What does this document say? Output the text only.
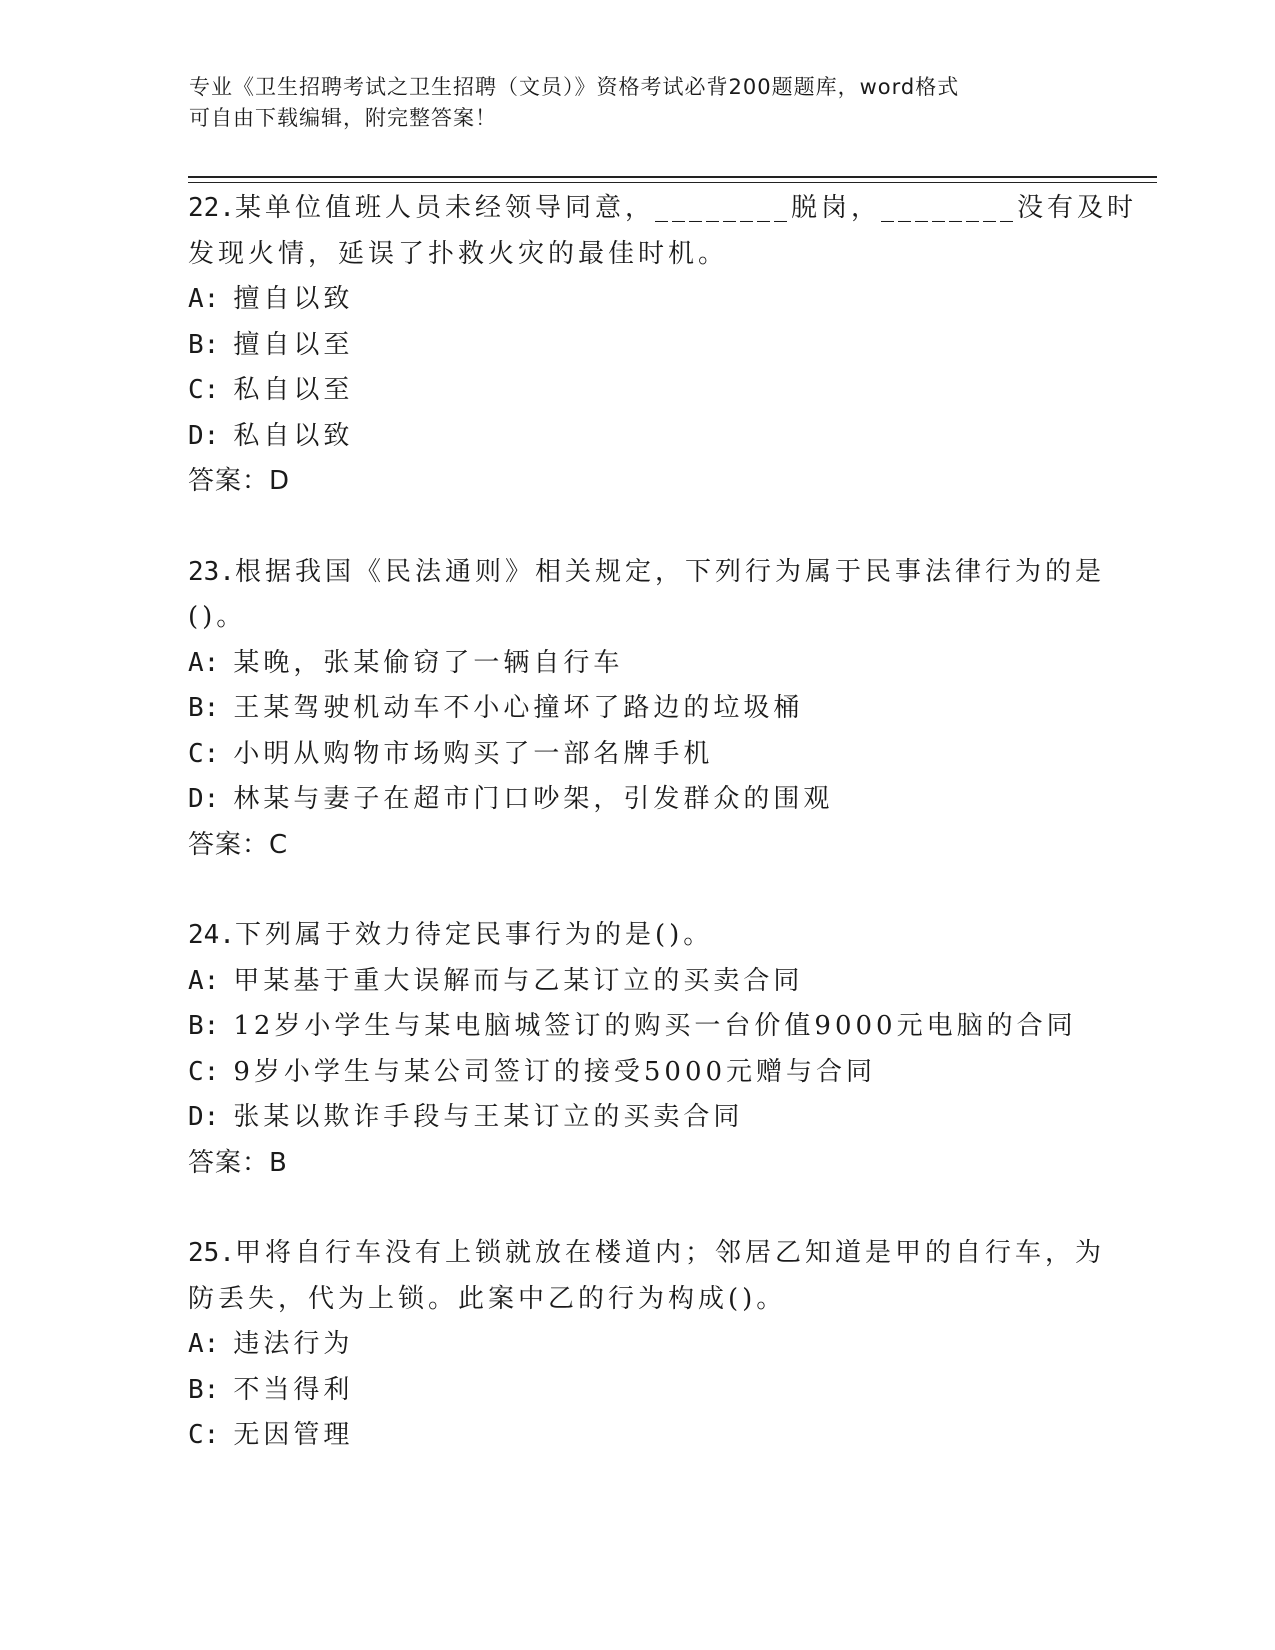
专业《卫生招聘考试之卫生招聘（文员）》资格考试必背200题题库，word格式
可自由下载编辑，附完整答案！
22.某单位值班人员未经领导同意，________脱岗，________没有及时
发现火情，延误了扑救火灾的最佳时机。
A: 擅自以致
B: 擅自以至
C: 私自以至
D: 私自以致
答案：D
23.根据我国《民法通则》相关规定，下列行为属于民事法律行为的是
()。
A: 某晚，张某偷窃了一辆自行车
B: 王某驾驶机动车不小心撞坏了路边的垃圾桶
C: 小明从购物市场购买了一部名牌手机
D: 林某与妻子在超市门口吵架，引发群众的围观
答案：C
24.下列属于效力待定民事行为的是()。
A: 甲某基于重大误解而与乙某订立的买卖合同
B: 12岁小学生与某电脑城签订的购买一台价值9000元电脑的合同
C: 9岁小学生与某公司签订的接受5000元赠与合同
D: 张某以欺诈手段与王某订立的买卖合同
答案：B
25.甲将自行车没有上锁就放在楼道内；邻居乙知道是甲的自行车，为
防丢失，代为上锁。此案中乙的行为构成()。
A: 违法行为
B: 不当得利
C: 无因管理
